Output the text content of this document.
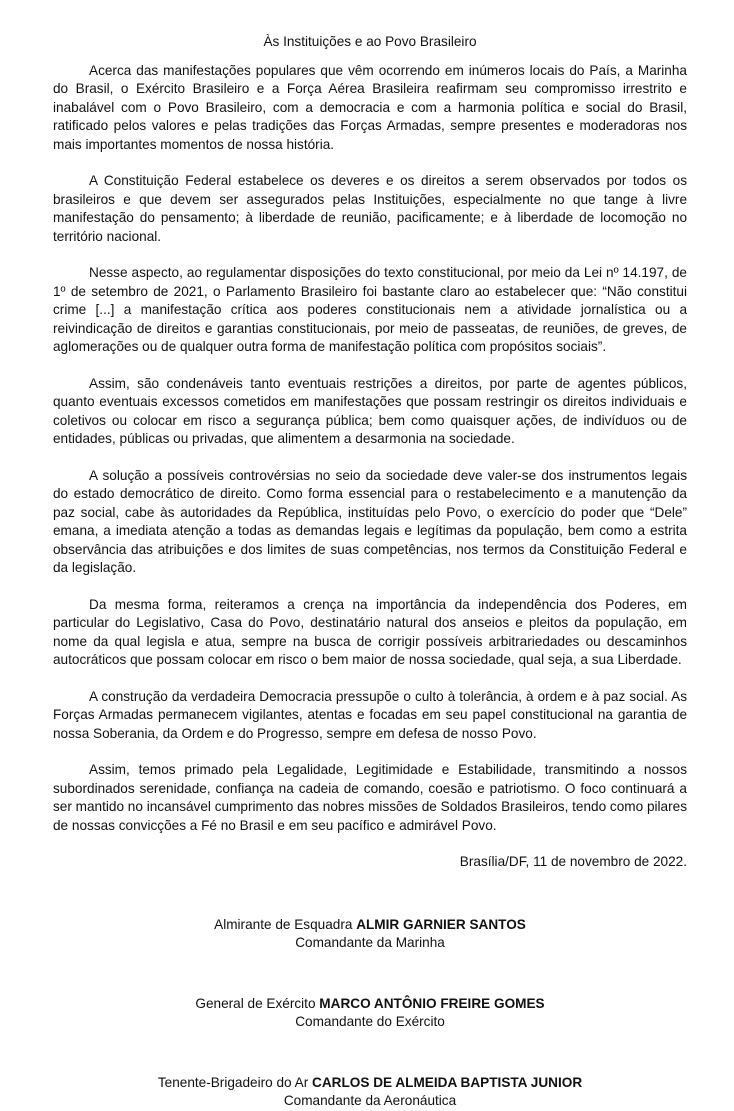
Às Instituições e ao Povo Brasileiro

Acerca das manifestações populares que vêm ocorrendo em inúmeros locais do País, a Marinha do Brasil, o Exército Brasileiro e a Força Aérea Brasileira reafirmam seu compromisso irrestrito e inabalável com o Povo Brasileiro, com a democracia e com a harmonia política e social do Brasil, ratificado pelos valores e pelas tradições das Forças Armadas, sempre presentes e moderadoras nos mais importantes momentos de nossa história.

A Constituição Federal estabelece os deveres e os direitos a serem observados por todos os brasileiros e que devem ser assegurados pelas Instituições, especialmente no que tange à livre manifestação do pensamento; à liberdade de reunião, pacificamente; e à liberdade de locomoção no território nacional.

Nesse aspecto, ao regulamentar disposições do texto constitucional, por meio da Lei nº 14.197, de 1º de setembro de 2021, o Parlamento Brasileiro foi bastante claro ao estabelecer que: “Não constitui crime [...] a manifestação crítica aos poderes constitucionais nem a atividade jornalística ou a reivindicação de direitos e garantias constitucionais, por meio de passeatas, de reuniões, de greves, de aglomerações ou de qualquer outra forma de manifestação política com propósitos sociais”.

Assim, são condenáveis tanto eventuais restrições a direitos, por parte de agentes públicos, quanto eventuais excessos cometidos em manifestações que possam restringir os direitos individuais e coletivos ou colocar em risco a segurança pública; bem como quaisquer ações, de indivíduos ou de entidades, públicas ou privadas, que alimentem a desarmonia na sociedade.

A solução a possíveis controvérsias no seio da sociedade deve valer-se dos instrumentos legais do estado democrático de direito. Como forma essencial para o restabelecimento e a manutenção da paz social, cabe às autoridades da República, instituídas pelo Povo, o exercício do poder que “Dele” emana, a imediata atenção a todas as demandas legais e legítimas da população, bem como a estrita observância das atribuições e dos limites de suas competências, nos termos da Constituição Federal e da legislação.

Da mesma forma, reiteramos a crença na importância da independência dos Poderes, em particular do Legislativo, Casa do Povo, destinatário natural dos anseios e pleitos da população, em nome da qual legisla e atua, sempre na busca de corrigir possíveis arbitrariedades ou descaminhos autocráticos que possam colocar em risco o bem maior de nossa sociedade, qual seja, a sua Liberdade.

A construção da verdadeira Democracia pressupõe o culto à tolerância, à ordem e à paz social. As Forças Armadas permanecem vigilantes, atentas e focadas em seu papel constitucional na garantia de nossa Soberania, da Ordem e do Progresso, sempre em defesa de nosso Povo.

Assim, temos primado pela Legalidade, Legitimidade e Estabilidade, transmitindo a nossos subordinados serenidade, confiança na cadeia de comando, coesão e patriotismo. O foco continuará a ser mantido no incansável cumprimento das nobres missões de Soldados Brasileiros, tendo como pilares de nossas convicções a Fé no Brasil e em seu pacífico e admirável Povo.

Brasília/DF, 11 de novembro de 2022.
Almirante de Esquadra ALMIR GARNIER SANTOS
Comandante da Marinha
General de Exército MARCO ANTÔNIO FREIRE GOMES
Comandante do Exército
Tenente-Brigadeiro do Ar CARLOS DE ALMEIDA BAPTISTA JUNIOR
Comandante da Aeronáutica
